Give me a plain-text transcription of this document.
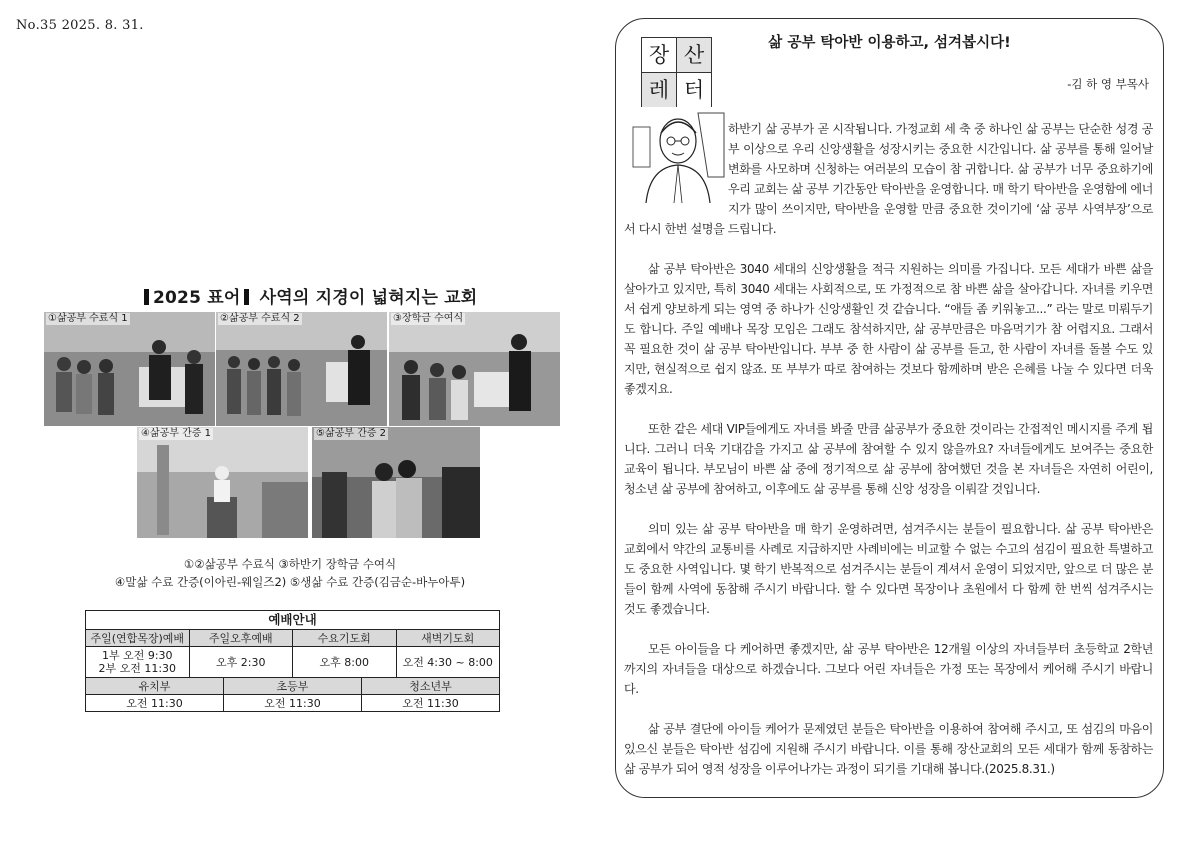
No.35 2025. 8. 31.
2025 표어 사역의 지경이 넓혀지는 교회
①삶공부 수료식 1	②삶공부 수료식 2	③장학금 수여식
④삶공부 간증 1	⑤삶공부 간증 2
①②삶공부 수료식 ③하반기 장학금 수여식
④말삶 수료 간증(이아린-웨일즈2) ⑤생삶 수료 간증(김금순-바누아투)
예배안내
주일(연합목장)예배	주일오후예배	수요기도회	새벽기도회
1부 오전 9:30
2부 오전 11:30	오후 2:30	오후 8:00	오전 4:30 ~ 8:00
유치부	초등부	청소년부
오전 11:30	오전 11:30	오전 11:30
장 산
레 터
삶 공부 탁아반 이용하고, 섬겨봅시다!
-김 하 영 부목사

하반기 삶 공부가 곧 시작됩니다. 가정교회 세 축 중 하나인 삶 공부는 단순한 성경 공부 이상으로 우리 신앙생활을 성장시키는 중요한 시간입니다. 삶 공부를 통해 일어날 변화를 사모하며 신청하는 여러분의 모습이 참 귀합니다. 삶 공부가 너무 중요하기에 우리 교회는 삶 공부 기간동안 탁아반을 운영합니다. 매 학기 탁아반을 운영함에 에너지가 많이 쓰이지만, 탁아반을 운영할 만큼 중요한 것이기에 ‘삶 공부 사역부장’으로서 다시 한번 설명을 드립니다.

삶 공부 탁아반은 3040 세대의 신앙생활을 적극 지원하는 의미를 가집니다. 모든 세대가 바쁜 삶을 살아가고 있지만, 특히 3040 세대는 사회적으로, 또 가정적으로 참 바쁜 삶을 살아갑니다. 자녀를 키우면서 쉽게 양보하게 되는 영역 중 하나가 신앙생활인 것 같습니다. “애들 좀 키워놓고...” 라는 말로 미뤄두기도 합니다. 주일 예배나 목장 모임은 그래도 참석하지만, 삶 공부만큼은 마음먹기가 참 어렵지요. 그래서 꼭 필요한 것이 삶 공부 탁아반입니다. 부부 중 한 사람이 삶 공부를 듣고, 한 사람이 자녀를 돌볼 수도 있지만, 현실적으로 쉽지 않죠. 또 부부가 따로 참여하는 것보다 함께하며 받은 은혜를 나눌 수 있다면 더욱 좋겠지요.

또한 같은 세대 VIP들에게도 자녀를 봐줄 만큼 삶공부가 중요한 것이라는 간접적인 메시지를 주게 됩니다. 그러니 더욱 기대감을 가지고 삶 공부에 참여할 수 있지 않을까요? 자녀들에게도 보여주는 중요한 교육이 됩니다. 부모님이 바쁜 삶 중에 정기적으로 삶 공부에 참여했던 것을 본 자녀들은 자연히 어린이, 청소년 삶 공부에 참여하고, 이후에도 삶 공부를 통해 신앙 성장을 이뤄갈 것입니다.

의미 있는 삶 공부 탁아반을 매 학기 운영하려면, 섬겨주시는 분들이 필요합니다. 삶 공부 탁아반은 교회에서 약간의 교통비를 사례로 지급하지만 사례비에는 비교할 수 없는 수고의 섬김이 필요한 특별하고도 중요한 사역입니다. 몇 학기 반복적으로 섬겨주시는 분들이 계셔서 운영이 되었지만, 앞으로 더 많은 분들이 함께 사역에 동참해 주시기 바랍니다. 할 수 있다면 목장이나 초원에서 다 함께 한 번씩 섬겨주시는 것도 좋겠습니다.

모든 아이들을 다 케어하면 좋겠지만, 삶 공부 탁아반은 12개월 이상의 자녀들부터 초등학교 2학년까지의 자녀들을 대상으로 하겠습니다. 그보다 어린 자녀들은 가정 또는 목장에서 케어해 주시기 바랍니다.

삶 공부 결단에 아이들 케어가 문제였던 분들은 탁아반을 이용하여 참여해 주시고, 또 섬김의 마음이 있으신 분들은 탁아반 섬김에 지원해 주시기 바랍니다. 이를 통해 장산교회의 모든 세대가 함께 동참하는 삶 공부가 되어 영적 성장을 이루어나가는 과정이 되기를 기대해 봅니다.(2025.8.31.)
